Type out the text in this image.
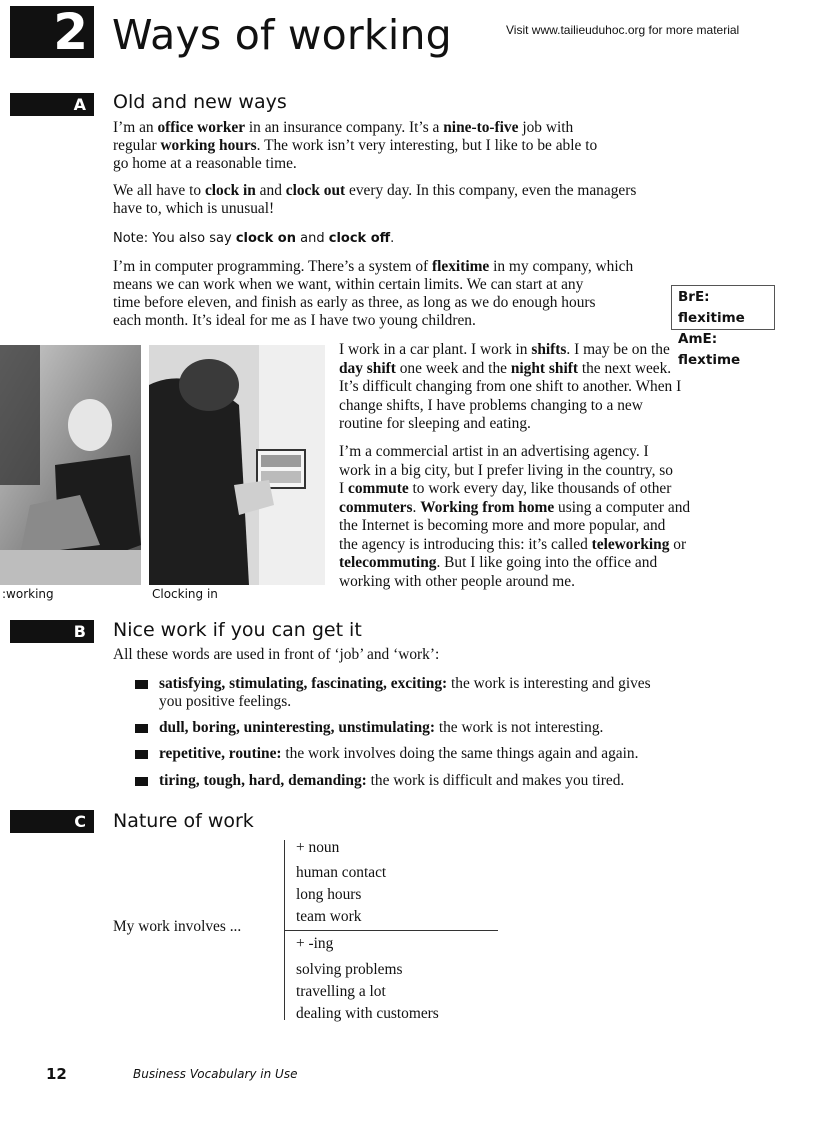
2 Ways of working	Visit www.tailieuduhoc.org for more material
A	Old and new ways

I’m an office worker in an insurance company. It’s a nine-to-five job with
regular working hours. The work isn’t very interesting, but I like to be able to
go home at a reasonable time.

We all have to clock in and clock out every day. In this company, even the managers
have to, which is unusual!

Note: You also say clock on and clock off.

I’m in computer programming. There’s a system of flexitime in my company, which
means we can work when we want, within certain limits. We can start at any
time before eleven, and finish as early as three, as long as we do enough hours
each month. It’s ideal for me as I have two young children.

BrE: flexitime
AmE: flextime
:working	Clocking in

I work in a car plant. I work in shifts. I may be on the
day shift one week and the night shift the next week.
It’s difficult changing from one shift to another. When I
change shifts, I have problems changing to a new
routine for sleeping and eating.

I’m a commercial artist in an advertising agency. I
work in a big city, but I prefer living in the country, so
I commute to work every day, like thousands of other
commuters. Working from home using a computer and
the Internet is becoming more and more popular, and
the agency is introducing this: it’s called teleworking or
telecommuting. But I like going into the office and
working with other people around me.

B	Nice work if you can get it
All these words are used in front of ‘job’ and ‘work’:
satisfying, stimulating, fascinating, exciting: the work is interesting and gives
you positive feelings.
dull, boring, uninteresting, unstimulating: the work is not interesting.
repetitive, routine: the work involves doing the same things again and again.
tiring, tough, hard, demanding: the work is difficult and makes you tired.
C	Nature of work
My work involves ...
+ noun
human contact
long hours
team work
+ -ing
solving problems
travelling a lot
dealing with customers
12	Business Vocabulary in Use
